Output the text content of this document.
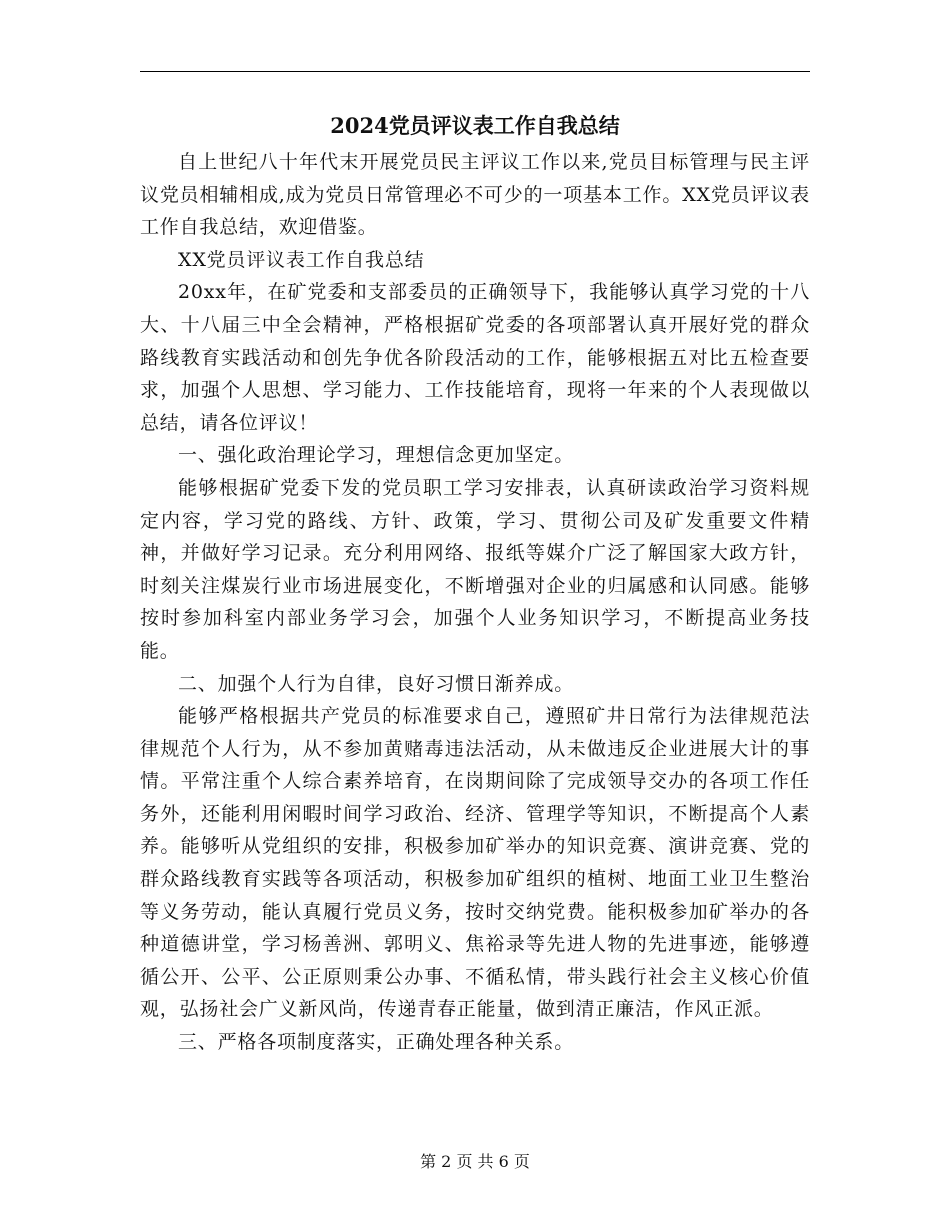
2024党员评议表工作自我总结

自上世纪八十年代末开展党员民主评议工作以来,党员目标管理与民主评议党员相辅相成,成为党员日常管理必不可少的一项基本工作。XX党员评议表工作自我总结，欢迎借鉴。

XX党员评议表工作自我总结

20xx年，在矿党委和支部委员的正确领导下，我能够认真学习党的十八大、十八届三中全会精神，严格根据矿党委的各项部署认真开展好党的群众路线教育实践活动和创先争优各阶段活动的工作，能够根据五对比五检查要求，加强个人思想、学习能力、工作技能培育，现将一年来的个人表现做以总结，请各位评议！

一、强化政治理论学习，理想信念更加坚定。

能够根据矿党委下发的党员职工学习安排表，认真研读政治学习资料规定内容，学习党的路线、方针、政策，学习、贯彻公司及矿发重要文件精神，并做好学习记录。充分利用网络、报纸等媒介广泛了解国家大政方针，时刻关注煤炭行业市场进展变化，不断增强对企业的归属感和认同感。能够按时参加科室内部业务学习会，加强个人业务知识学习，不断提高业务技能。

二、加强个人行为自律，良好习惯日渐养成。

能够严格根据共产党员的标准要求自己，遵照矿井日常行为法律规范法律规范个人行为，从不参加黄赌毒违法活动，从未做违反企业进展大计的事情。平常注重个人综合素养培育，在岗期间除了完成领导交办的各项工作任务外，还能利用闲暇时间学习政治、经济、管理学等知识，不断提高个人素养。能够听从党组织的安排，积极参加矿举办的知识竞赛、演讲竞赛、党的群众路线教育实践等各项活动，积极参加矿组织的植树、地面工业卫生整治等义务劳动，能认真履行党员义务，按时交纳党费。能积极参加矿举办的各种道德讲堂，学习杨善洲、郭明义、焦裕录等先进人物的先进事迹，能够遵循公开、公平、公正原则秉公办事、不循私情，带头践行社会主义核心价值观，弘扬社会广义新风尚，传递青春正能量，做到清正廉洁，作风正派。

三、严格各项制度落实，正确处理各种关系。

第 2 页 共 6 页
